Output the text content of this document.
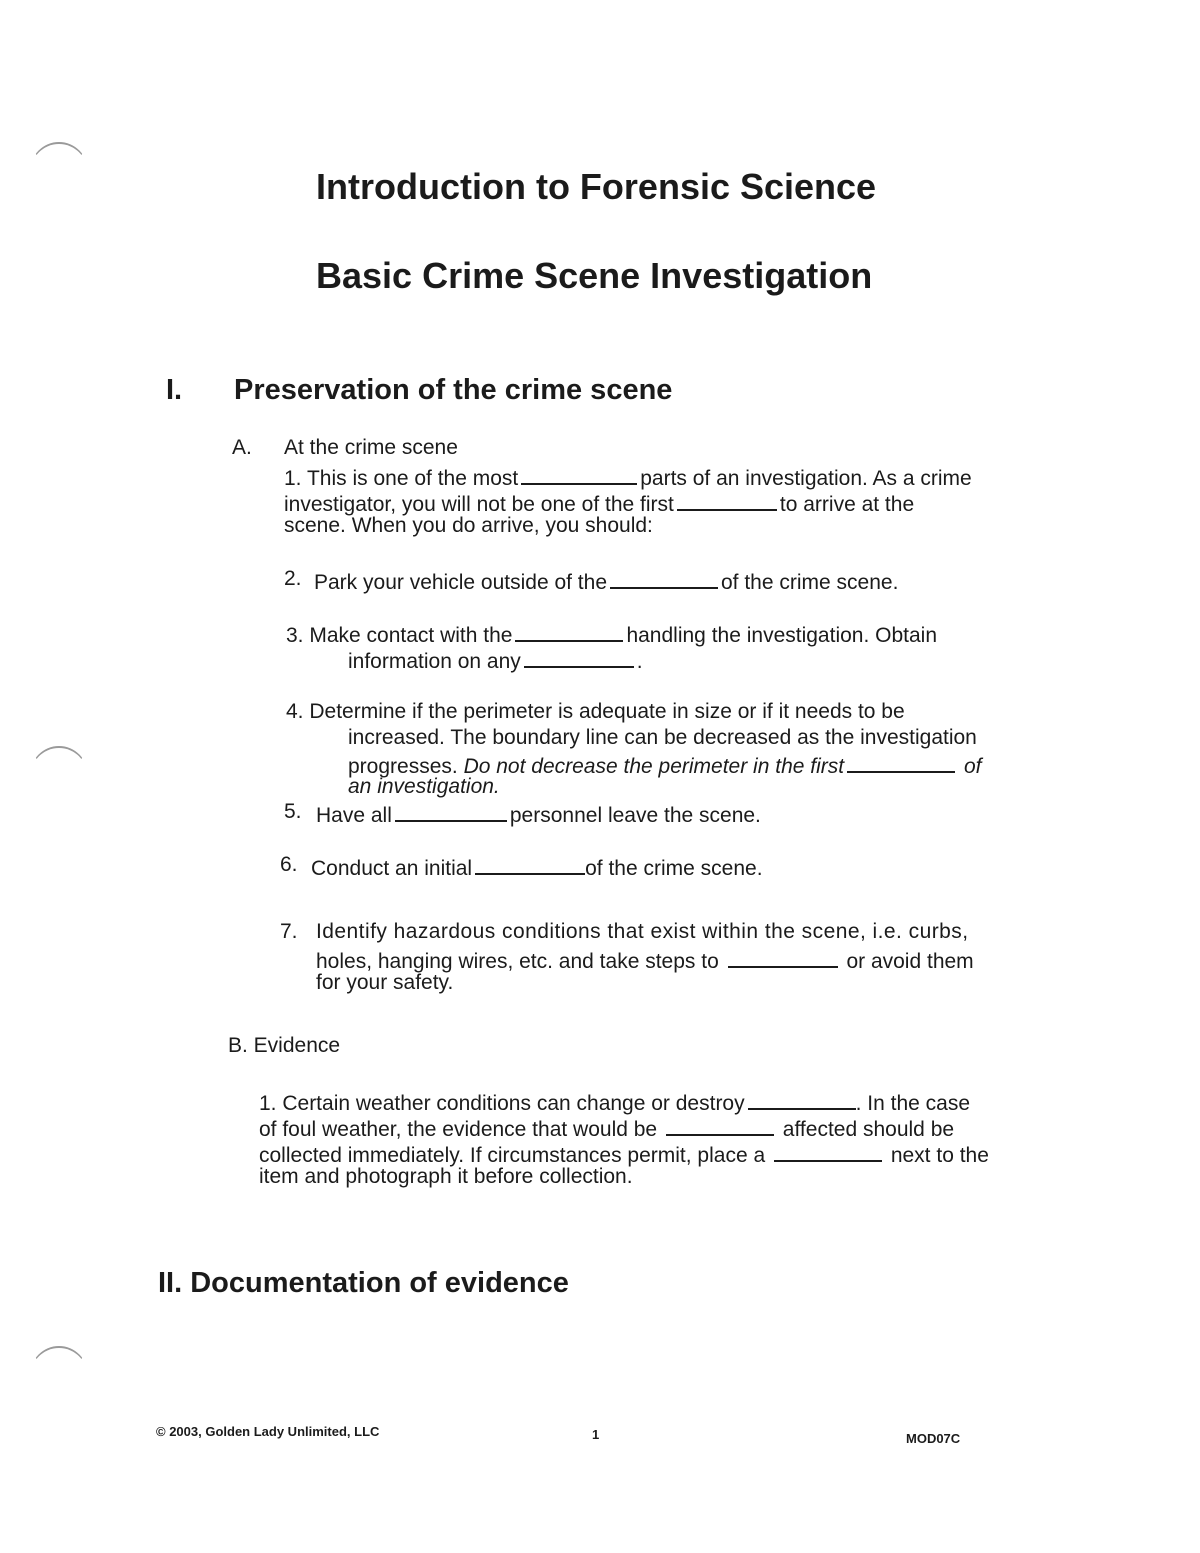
Introduction to Forensic Science
Basic Crime Scene Investigation
I. Preservation of the crime scene
A. At the crime scene
1. This is one of the most	parts of an investigation. As a crime
investigator, you will not be one of the first	to arrive at the
scene. When you do arrive, you should:
2. Park your vehicle outside of the	of the crime scene.
3. Make contact with the	handling the investigation. Obtain
information on any	.
4. Determine if the perimeter is adequate in size or if it needs to be
increased. The boundary line can be decreased as the investigation
progresses. Do not decrease the perimeter in the first	of
an investigation.
5. Have all	personnel leave the scene.
6. Conduct an initial	of the crime scene.
7. Identify hazardous conditions that exist within the scene, i.e. curbs,
holes, hanging wires, etc. and take steps to	or avoid them
for your safety.
B. Evidence
1. Certain weather conditions can change or destroy	. In the case
of foul weather, the evidence that would be	affected should be
collected immediately. If circumstances permit, place a	next to the
item and photograph it before collection.
II. Documentation of evidence
© 2003, Golden Lady Unlimited, LLC	1	MOD07C
